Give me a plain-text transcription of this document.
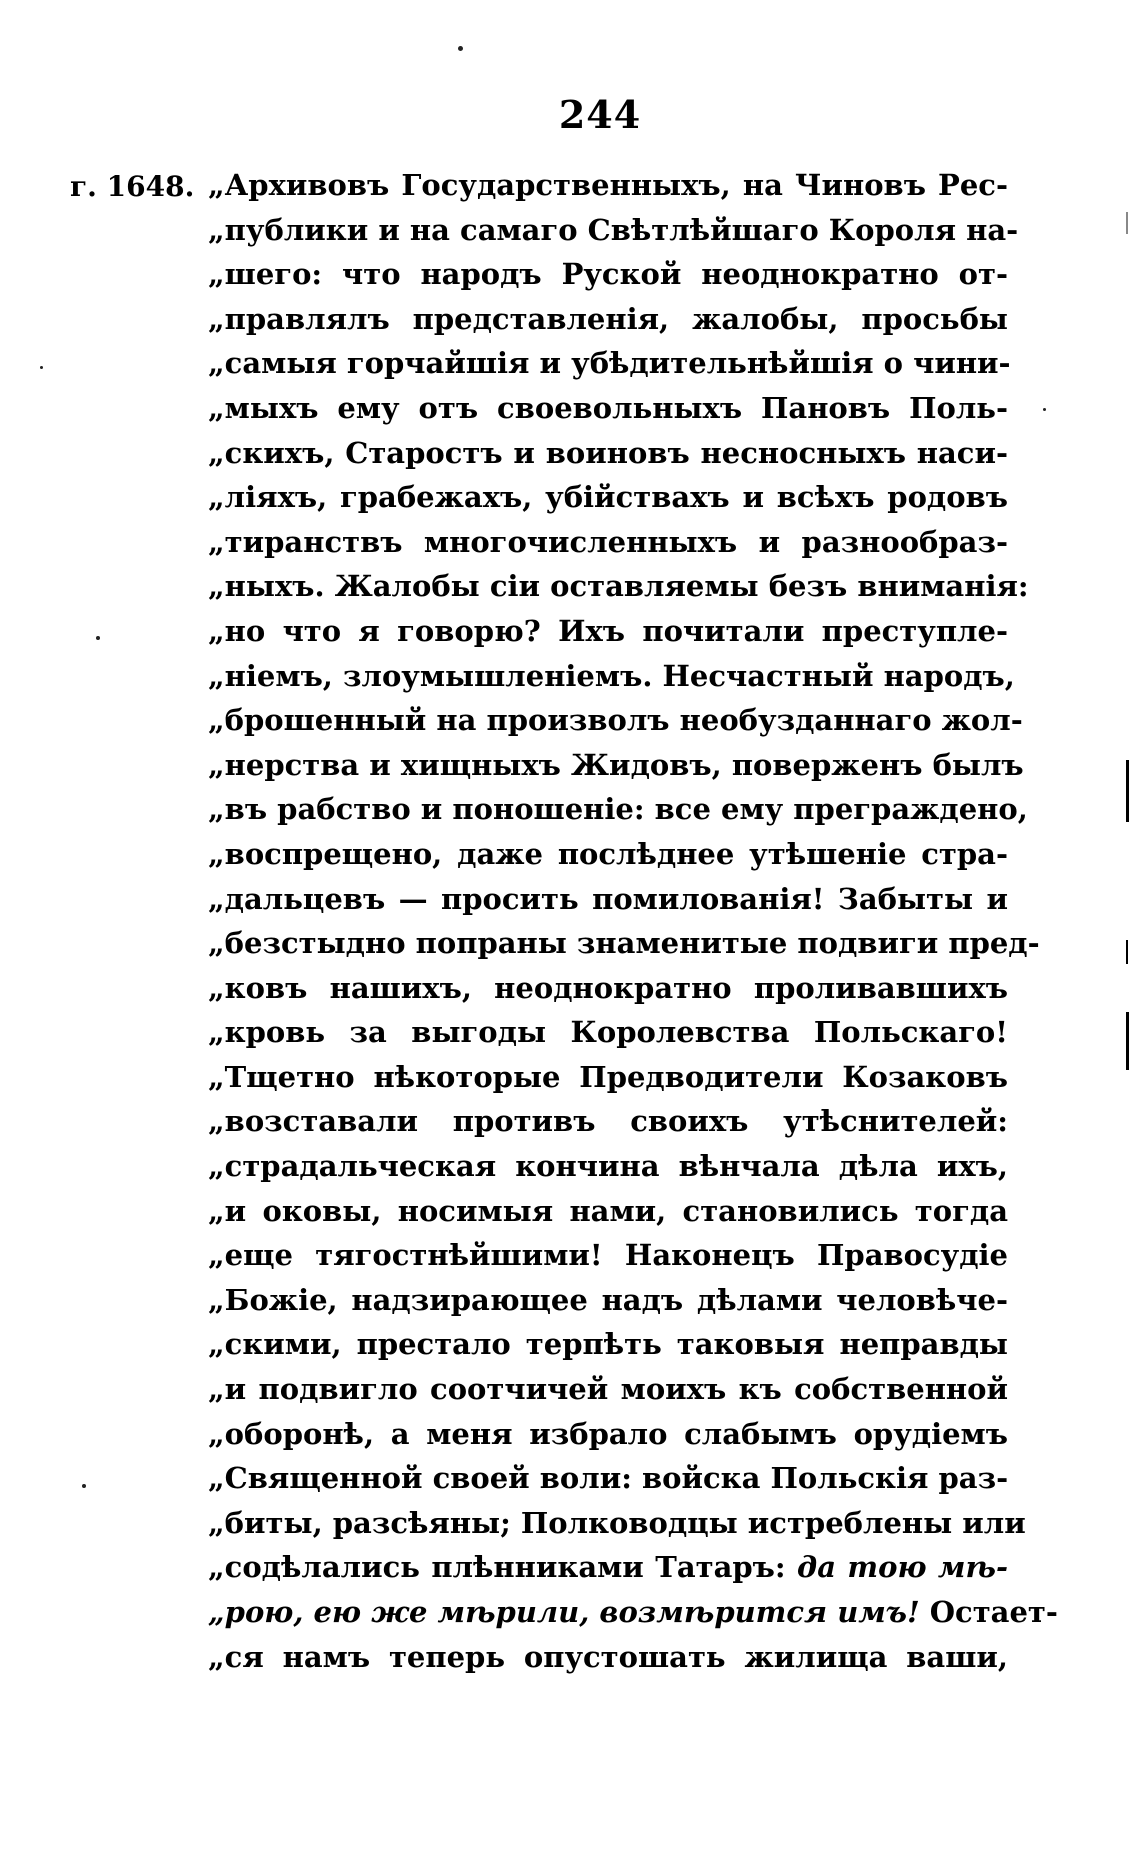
244
г. 1648. „Архивовъ Государственныхъ, на Чиновъ Рес-
„публики и на самаго Свѣтлѣйшаго Короля на-
„шего: что народъ Руской неоднократно от-
„правлялъ представленія, жалобы, просьбы
„самыя горчайшія и убѣдительнѣйшія о чини-
„мыхъ ему отъ своевольныхъ Пановъ Поль-
„скихъ, Старостъ и воиновъ несносныхъ наси-
„ліяхъ, грабежахъ, убійствахъ и всѣхъ родовъ
„тиранствъ многочисленныхъ и разнообраз-
„ныхъ. Жалобы сіи оставляемы безъ вниманія:
„но что я говорю? Ихъ почитали преступле-
„ніемъ, злоумышленіемъ. Несчастный народъ,
„брошенный на произволъ необузданнаго жол-
„нерства и хищныхъ Жидовъ, поверженъ былъ
„въ рабство и поношеніе: все ему преграждено,
„воспрещено, даже послѣднее утѣшеніе стра-
„дальцевъ — просить помилованія! Забыты и
„безстыдно попраны знаменитые подвиги пред-
„ковъ нашихъ, неоднократно проливавшихъ
„кровь за выгоды Королевства Польскаго!
„Тщетно нѣкоторые Предводители Козаковъ
„возставали противъ своихъ утѣснителей:
„страдальческая кончина вѣнчала дѣла ихъ,
„и оковы, носимыя нами, становились тогда
„еще тягостнѣйшими! Наконецъ Правосудіе
„Божіе, надзирающее надъ дѣлами человѣче-
„скими, престало терпѣть таковыя неправды
„и подвигло соотчичей моихъ къ собственной
„оборонѣ, а меня избрало слабымъ орудіемъ
„Священной своей воли: войска Польскія раз-
„биты, разсѣяны; Полководцы истреблены или
„содѣлались плѣнниками Татаръ: да тою мѣ-
„рою, ею же мѣрили, возмѣрится имъ! Остает-
„ся намъ теперь опустошать жилища ваши,
